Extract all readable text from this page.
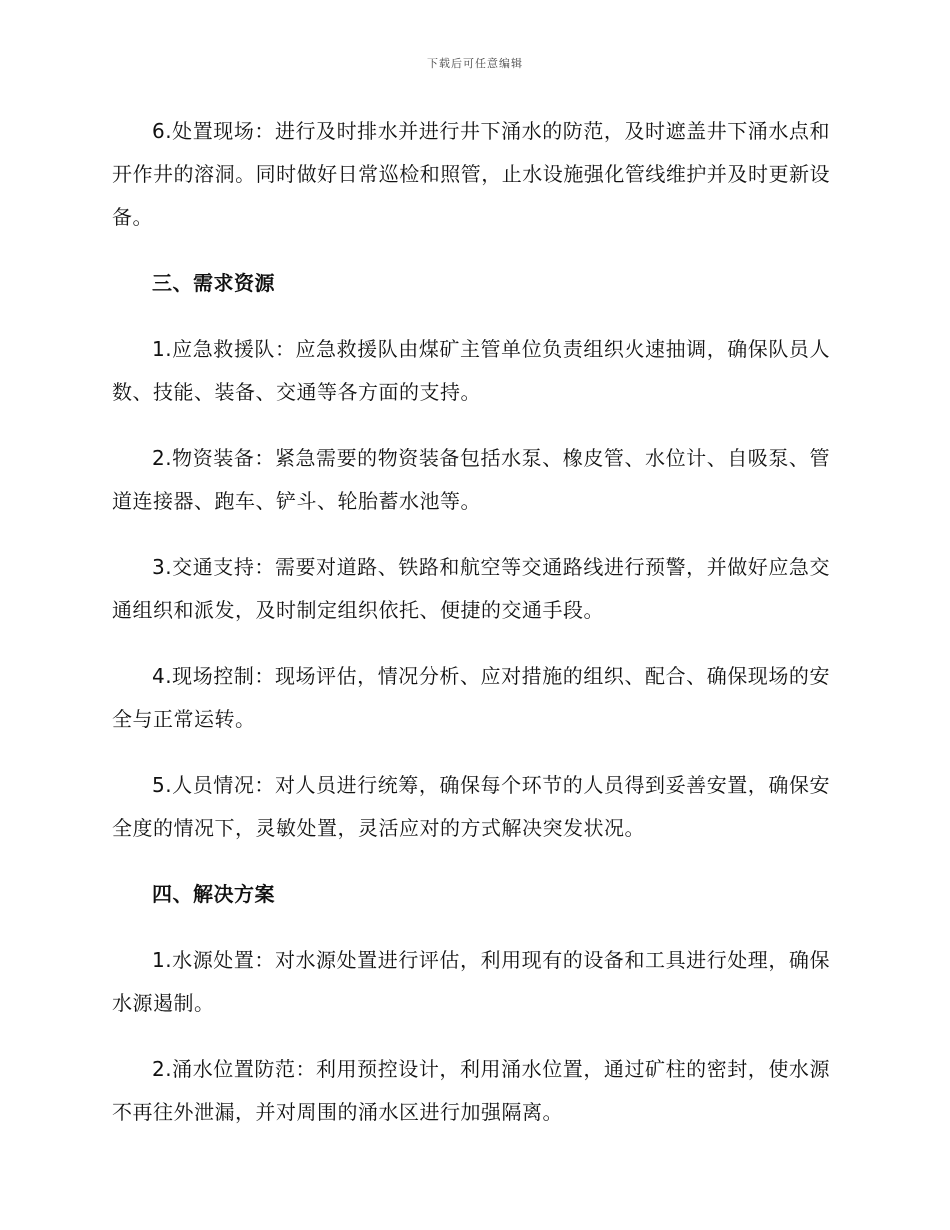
下载后可任意编辑

6.处置现场：进行及时排水并进行井下涌水的防范，及时遮盖井下涌水点和开作井的溶洞。同时做好日常巡检和照管，止水设施强化管线维护并及时更新设备。

三、需求资源

1.应急救援队：应急救援队由煤矿主管单位负责组织火速抽调，确保队员人数、技能、装备、交通等各方面的支持。

2.物资装备：紧急需要的物资装备包括水泵、橡皮管、水位计、自吸泵、管道连接器、跑车、铲斗、轮胎蓄水池等。

3.交通支持：需要对道路、铁路和航空等交通路线进行预警，并做好应急交通组织和派发，及时制定组织依托、便捷的交通手段。

4.现场控制：现场评估，情况分析、应对措施的组织、配合、确保现场的安全与正常运转。

5.人员情况：对人员进行统筹，确保每个环节的人员得到妥善安置，确保安全度的情况下，灵敏处置，灵活应对的方式解决突发状况。

四、解决方案

1.水源处置：对水源处置进行评估，利用现有的设备和工具进行处理，确保水源遏制。

2.涌水位置防范：利用预控设计，利用涌水位置，通过矿柱的密封，使水源不再往外泄漏，并对周围的涌水区进行加强隔离。
